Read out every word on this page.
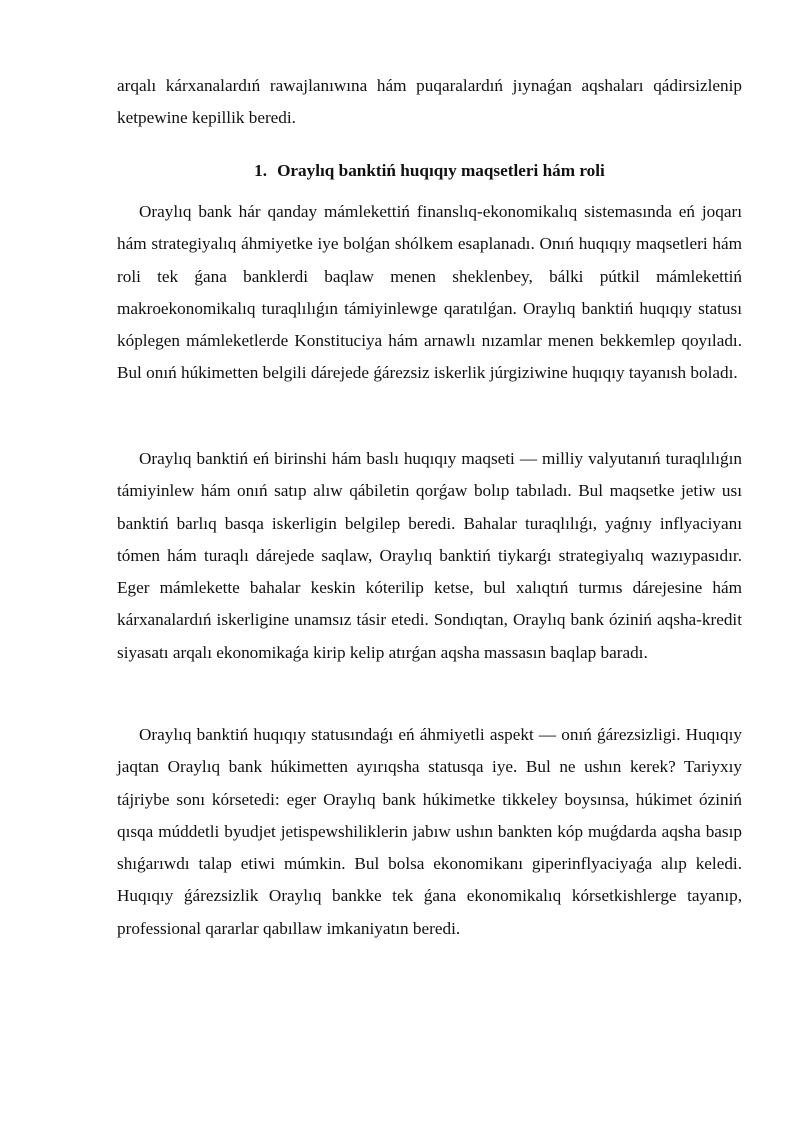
arqalı kárxanalardıń rawajlanıwına hám puqaralardıń jıynaǵan aqshaları qádirsizlenip ketpewine kepillik beredi.

1. Oraylıq banktiń huqıqıy maqsetleri hám roli

Oraylıq bank hár qanday mámlekettiń finanslıq-ekonomikalıq sistemasında eń joqarı hám strategiyalıq áhmiyetke iye bolǵan shólkem esaplanadı. Onıń huqıqıy maqsetleri hám roli tek ǵana banklerdi baqlaw menen sheklenbey, bálki pútkil mámlekettiń makroekonomikalıq turaqlılıǵın támiyinlewge qaratılǵan. Oraylıq banktiń huqıqıy statusı kóplegen mámleketlerde Konstituciya hám arnawlı nızamlar menen bekkemlep qoyıladı. Bul onıń húkimetten belgili dárejede ǵárezsiz iskerlik júrgiziwine huqıqıy tayanısh boladı.

Oraylıq banktiń eń birinshi hám baslı huqıqıy maqseti — milliy valyutanıń turaqlılıǵın támiyinlew hám onıń satıp alıw qábiletin qorǵaw bolıp tabıladı. Bul maqsetke jetiw usı banktiń barlıq basqa iskerligin belgilep beredi. Bahalar turaqlılıǵı, yaǵnıy inflyaciyanı tómen hám turaqlı dárejede saqlaw, Oraylıq banktiń tiykarǵı strategiyalıq wazıypasıdır. Eger mámlekette bahalar keskin kóterilip ketse, bul xalıqtıń turmıs dárejesine hám kárxanalardıń iskerligine unamsız tásir etedi. Sondıqtan, Oraylıq bank óziniń aqsha-kredit siyasatı arqalı ekonomikaǵa kirip kelip atırǵan aqsha massasın baqlap baradı.

Oraylıq banktiń huqıqıy statusındaǵı eń áhmiyetli aspekt — onıń ǵárezsizligi. Huqıqıy jaqtan Oraylıq bank húkimetten ayırıqsha statusqa iye. Bul ne ushın kerek? Tariyxıy tájriybe sonı kórsetedi: eger Oraylıq bank húkimetke tikkeley boysınsa, húkimet óziniń qısqa múddetli byudjet jetispewshiliklerin jabıw ushın bankten kóp muǵdarda aqsha basıp shıǵarıwdı talap etiwi múmkin. Bul bolsa ekonomikanı giperinflyaciyaǵa alıp keledi. Huqıqıy ǵárezsizlik Oraylıq bankke tek ǵana ekonomikalıq kórsetkishlerge tayanıp, professional qararlar qabıllaw imkaniyatın beredi.
